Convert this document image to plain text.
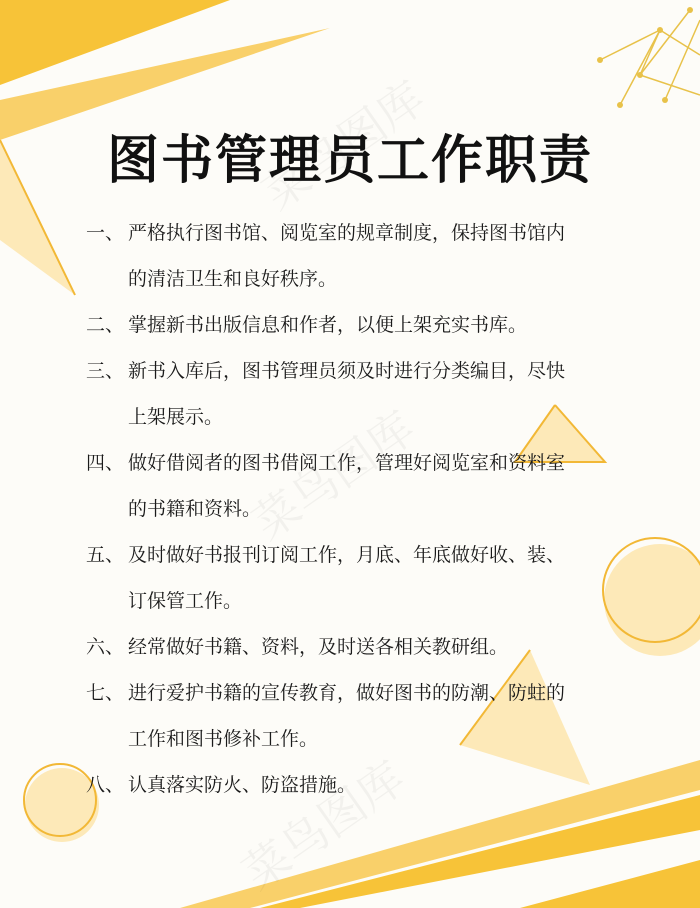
图书管理员工作职责
一、 严格执行图书馆、阅览室的规章制度，保持图书馆内
的清洁卫生和良好秩序。
二、 掌握新书出版信息和作者，以便上架充实书库。
三、 新书入库后，图书管理员须及时进行分类编目，尽快
上架展示。
四、 做好借阅者的图书借阅工作，管理好阅览室和资料室
的书籍和资料。
五、 及时做好书报刊订阅工作，月底、年底做好收、装、
订保管工作。
六、 经常做好书籍、资料，及时送各相关教研组。
七、 进行爱护书籍的宣传教育，做好图书的防潮、防蛀的
工作和图书修补工作。
八、 认真落实防火、防盗措施。
